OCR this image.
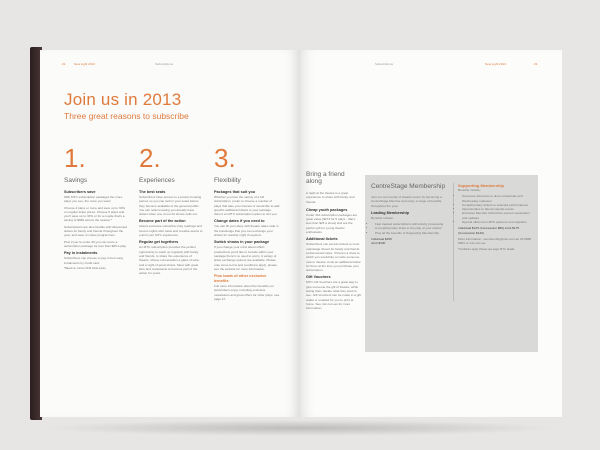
22	New Light 2013	Subscriptions
Join us in 2013
Three great reasons to subscribe
1.
Savings
Subscribers save
With MTC subscription packages the more plays you see, the more you save!
Choose 4 plays or more and save up to 33% on regular ticket prices. Choose 5 plays and you'll save up to 33% or for a couple that's a saving of $660 across the season.*
Subscriptions are also flexible with discounted tickets for family and friends throughout the year, and save on show programmes.
Plus if you're under 30 you can score a subscription package for less than $25 a play.
Pay in instalments
Subscribers can choose to pay in four easy instalments by credit card.
*Based on current 2013 ticket prices
2.
Experiences
The best seats
Subscribers have access to a priority booking period, so you can lock in your seats before they become available to the general public. You can relax knowing you already have tickets when one of our hit shows sells out.
Become part of the action
Attend exclusive subscriber play readings and forums nights with casts and creative teams to enrich your MTC experience.
Regular get togethers
An MTC subscription provides the perfect opportunity to catch up regularly with family and friends, to share the experience of theatre, whose conversation a glass of wine and a night of great shows. Meet with great fans and restaurants to become part of the action for years.
3.
Flexibility
Packages that suit you
Whether you love the variety of a full subscription, prefer to choose a number of plays that take your interest or would like to add specific additional tickets to your package, there's an MTC subscription option to suit you.
Change dates if you need to
You can fill your diary with theatre dates safe in the knowledge that you can exchange your tickets for another night if required.
Switch shows in your package
If you change your mind about which productions you'd like to include within your package there's no need to worry. A variety of ticket exchange options are available. Please note some terms and conditions apply; please see the website for more information.
Plus loads of other exclusive benefits
Full more information about the benefits our subscribers enjoy, including exclusive newsletters and great offers for other plays, see page 47.
Subscriptions	New Light 2013	23
Bring a friend along
A night at the theatre is a great experience to share with family and friends.
Cheap youth packages
Under 30s subscription packages are great value ($273 for 5 plays - that's less than $25 a show) and are the perfect gift for young theatre enthusiasts.
Additional tickets
Subscribers can access tickets to most mainstage shows for family and friends at discounted rates. If there's a show to which you would like to invite someone new to theatre, book an additional ticket for them at the time you purchase your subscription.
Gift Vouchers
MTC Gift Vouchers are a great way to give someone the gift of theatre, while letting them decide what they want to see. Gift Vouchers can be made in a gift wallet or emailed for you to print at home. See mtc.com.au for more information.
CentreStage Membership
Join our community of theatre lovers by becoming a CentreStage Member and enjoy a range of benefits throughout the year.
Leading Membership
Benefits include:
• Fast tracked subscriptions with priority processing
• A complimentary ticket to the play of your choice*
• Plus all the benefits of Supporting Membership
Individual $295
Joint $330
Supporting Membership
Benefits include:
• Generous discounts to dress rehearsals and Wednesday matinees
• Complimentary tickets to selected performances
• Opportunities to attend special events
• Exclusive Member behind the scenes newsletters and updates
• Special offers from MTC partners and suppliers
Individual $125 (Concession $80) Joint $175 (Concession $140)
More information: membership@mtc.com.au 03 8688 0954 or mtc.com.au
*Conditions apply. Please see page 45 for details.
